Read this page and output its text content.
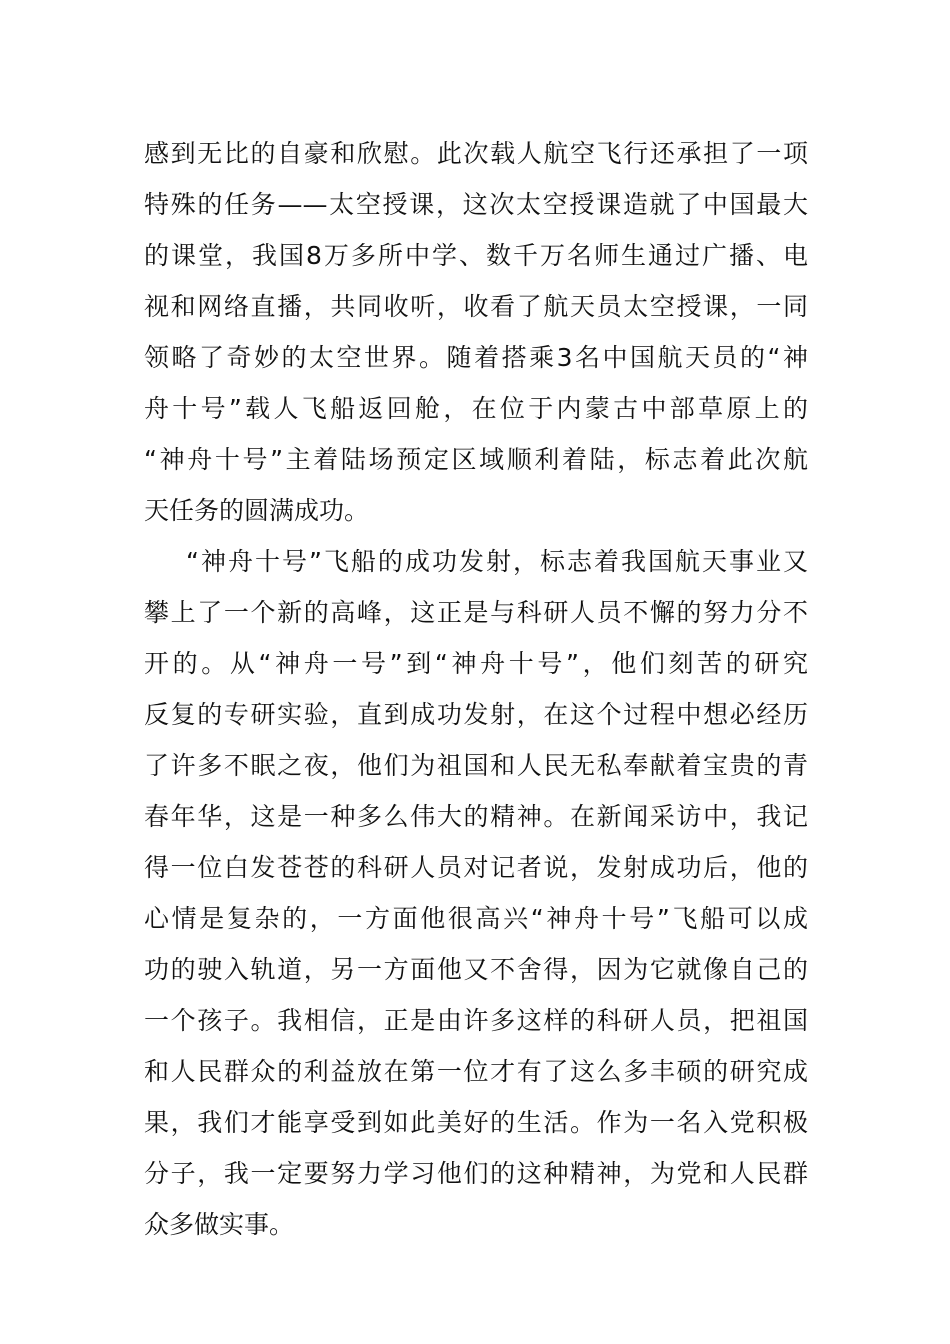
感到无比的自豪和欣慰。此次载人航空飞行还承担了一项
特殊的任务——太空授课，这次太空授课造就了中国最大
的课堂，我国8万多所中学、数千万名师生通过广播、电
视和网络直播，共同收听，收看了航天员太空授课，一同
领略了奇妙的太空世界。随着搭乘3名中国航天员的“神
舟十号”载人飞船返回舱，在位于内蒙古中部草原上的
“神舟十号”主着陆场预定区域顺利着陆，标志着此次航
天任务的圆满成功。
“神舟十号”飞船的成功发射，标志着我国航天事业又
攀上了一个新的高峰，这正是与科研人员不懈的努力分不
开的。从“神舟一号”到“神舟十号”，他们刻苦的研究
反复的专研实验，直到成功发射，在这个过程中想必经历
了许多不眠之夜，他们为祖国和人民无私奉献着宝贵的青
春年华，这是一种多么伟大的精神。在新闻采访中，我记
得一位白发苍苍的科研人员对记者说，发射成功后，他的
心情是复杂的，一方面他很高兴“神舟十号”飞船可以成
功的驶入轨道，另一方面他又不舍得，因为它就像自己的
一个孩子。我相信，正是由许多这样的科研人员，把祖国
和人民群众的利益放在第一位才有了这么多丰硕的研究成
果，我们才能享受到如此美好的生活。作为一名入党积极
分子，我一定要努力学习他们的这种精神，为党和人民群
众多做实事。
